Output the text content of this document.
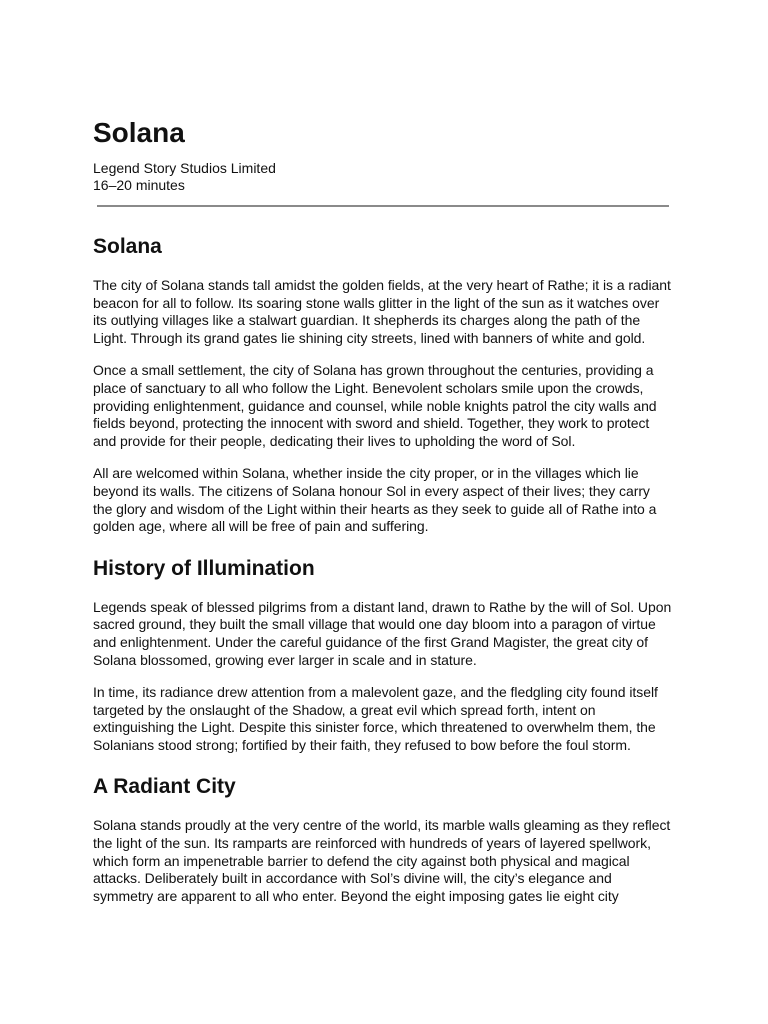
Solana
Legend Story Studios Limited
16–20 minutes
Solana

The city of Solana stands tall amidst the golden fields, at the very heart of Rathe; it is a radiant beacon for all to follow. Its soaring stone walls glitter in the light of the sun as it watches over its outlying villages like a stalwart guardian. It shepherds its charges along the path of the Light. Through its grand gates lie shining city streets, lined with banners of white and gold.

Once a small settlement, the city of Solana has grown throughout the centuries, providing a place of sanctuary to all who follow the Light. Benevolent scholars smile upon the crowds, providing enlightenment, guidance and counsel, while noble knights patrol the city walls and fields beyond, protecting the innocent with sword and shield. Together, they work to protect and provide for their people, dedicating their lives to upholding the word of Sol.

All are welcomed within Solana, whether inside the city proper, or in the villages which lie beyond its walls. The citizens of Solana honour Sol in every aspect of their lives; they carry the glory and wisdom of the Light within their hearts as they seek to guide all of Rathe into a golden age, where all will be free of pain and suffering.

History of Illumination

Legends speak of blessed pilgrims from a distant land, drawn to Rathe by the will of Sol. Upon sacred ground, they built the small village that would one day bloom into a paragon of virtue and enlightenment. Under the careful guidance of the first Grand Magister, the great city of Solana blossomed, growing ever larger in scale and in stature.

In time, its radiance drew attention from a malevolent gaze, and the fledgling city found itself targeted by the onslaught of the Shadow, a great evil which spread forth, intent on extinguishing the Light. Despite this sinister force, which threatened to overwhelm them, the Solanians stood strong; fortified by their faith, they refused to bow before the foul storm.

A Radiant City

Solana stands proudly at the very centre of the world, its marble walls gleaming as they reflect the light of the sun. Its ramparts are reinforced with hundreds of years of layered spellwork, which form an impenetrable barrier to defend the city against both physical and magical attacks. Deliberately built in accordance with Sol’s divine will, the city’s elegance and symmetry are apparent to all who enter. Beyond the eight imposing gates lie eight city
